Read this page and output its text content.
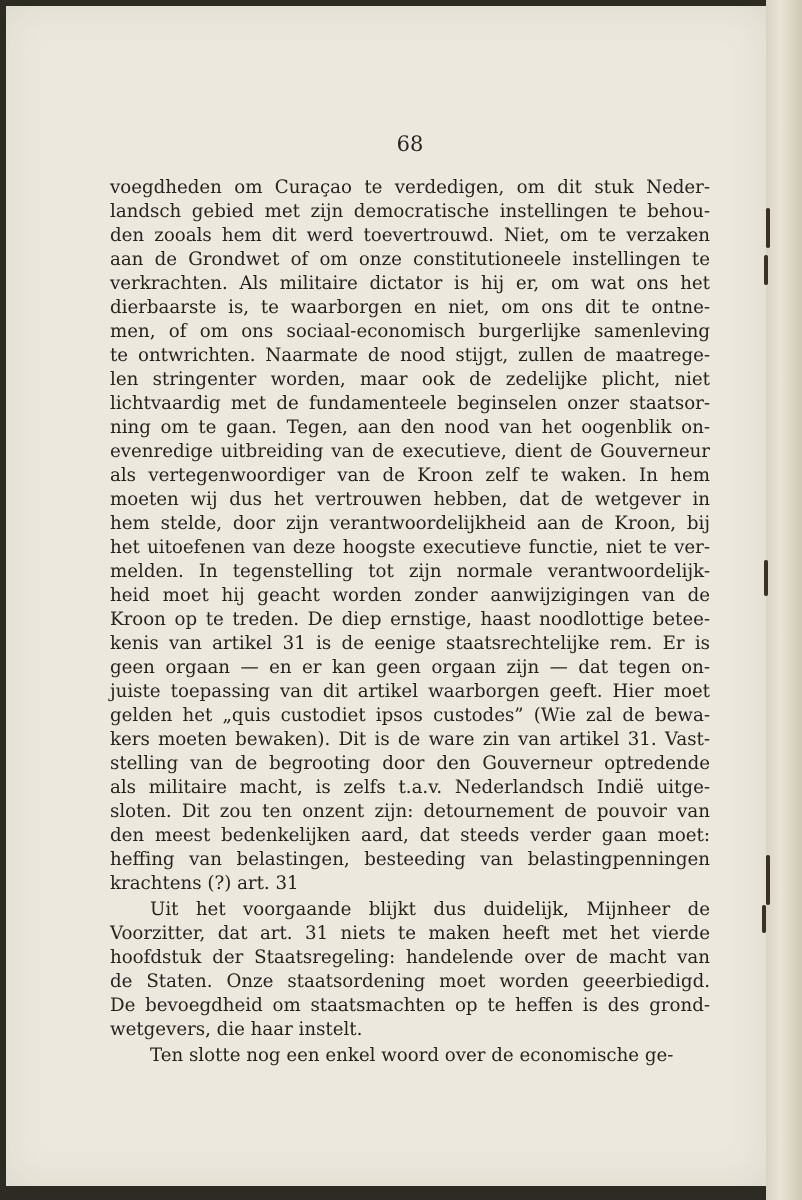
68
voegdheden om Curaçao te verdedigen, om dit stuk Neder-
landsch gebied met zijn democratische instellingen te behou-
den zooals hem dit werd toevertrouwd. Niet, om te verzaken
aan de Grondwet of om onze constitutioneele instellingen te
verkrachten. Als militaire dictator is hij er, om wat ons het
dierbaarste is, te waarborgen en niet, om ons dit te ontne-
men, of om ons sociaal-economisch burgerlijke samenleving
te ontwrichten. Naarmate de nood stijgt, zullen de maatrege-
len stringenter worden, maar ook de zedelijke plicht, niet
lichtvaardig met de fundamenteele beginselen onzer staatsor-
ning om te gaan. Tegen, aan den nood van het oogenblik on-
evenredige uitbreiding van de executieve, dient de Gouverneur
als vertegenwoordiger van de Kroon zelf te waken. In hem
moeten wij dus het vertrouwen hebben, dat de wetgever in
hem stelde, door zijn verantwoordelijkheid aan de Kroon, bij
het uitoefenen van deze hoogste executieve functie, niet te ver-
melden. In tegenstelling tot zijn normale verantwoordelijk-
heid moet hij geacht worden zonder aanwijzigingen van de
Kroon op te treden. De diep ernstige, haast noodlottige betee-
kenis van artikel 31 is de eenige staatsrechtelijke rem. Er is
geen orgaan — en er kan geen orgaan zijn — dat tegen on-
juiste toepassing van dit artikel waarborgen geeft. Hier moet
gelden het „quis custodiet ipsos custodes” (Wie zal de bewa-
kers moeten bewaken). Dit is de ware zin van artikel 31. Vast-
stelling van de begrooting door den Gouverneur optredende
als militaire macht, is zelfs t.a.v. Nederlandsch Indië uitge-
sloten. Dit zou ten onzent zijn: detournement de pouvoir van
den meest bedenkelijken aard, dat steeds verder gaan moet:
heffing van belastingen, besteeding van belastingpenningen
krachtens (?) art. 31
Uit het voorgaande blijkt dus duidelijk, Mijnheer de
Voorzitter, dat art. 31 niets te maken heeft met het vierde
hoofdstuk der Staatsregeling: handelende over de macht van
de Staten. Onze staatsordening moet worden geeerbiedigd.
De bevoegdheid om staatsmachten op te heffen is des grond-
wetgevers, die haar instelt.
Ten slotte nog een enkel woord over de economische ge-
